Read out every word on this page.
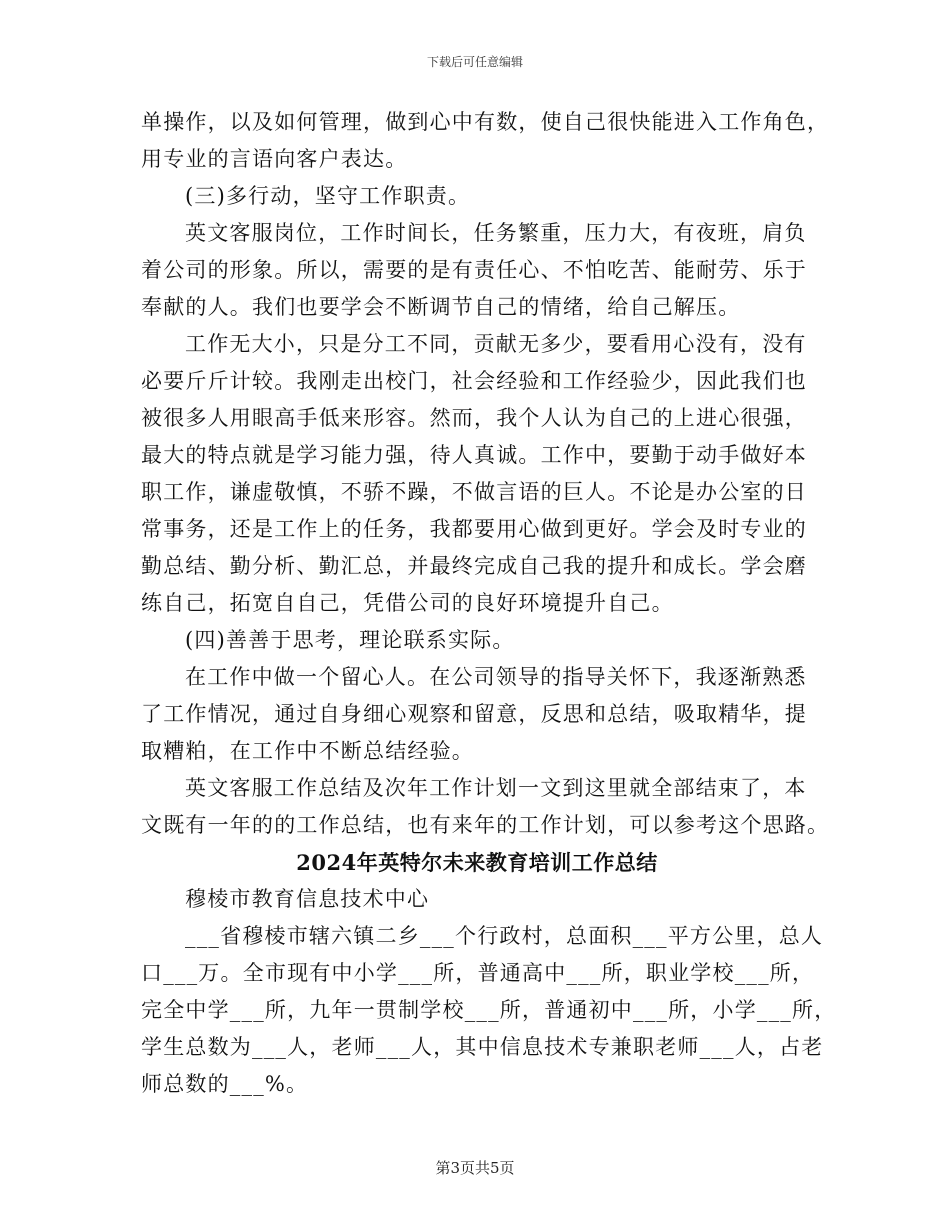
下载后可任意编辑
单操作，以及如何管理，做到心中有数，使自己很快能进入工作角色，
用专业的言语向客户表达。
(三)多行动，坚守工作职责。
英文客服岗位，工作时间长，任务繁重，压力大，有夜班，肩负
着公司的形象。所以，需要的是有责任心、不怕吃苦、能耐劳、乐于
奉献的人。我们也要学会不断调节自己的情绪，给自己解压。
工作无大小，只是分工不同，贡献无多少，要看用心没有，没有
必要斤斤计较。我刚走出校门，社会经验和工作经验少，因此我们也
被很多人用眼高手低来形容。然而，我个人认为自己的上进心很强，
最大的特点就是学习能力强，待人真诚。工作中，要勤于动手做好本
职工作，谦虚敬慎，不骄不躁，不做言语的巨人。不论是办公室的日
常事务，还是工作上的任务，我都要用心做到更好。学会及时专业的
勤总结、勤分析、勤汇总，并最终完成自己我的提升和成长。学会磨
练自己，拓宽自自己，凭借公司的良好环境提升自己。
(四)善善于思考，理论联系实际。
在工作中做一个留心人。在公司领导的指导关怀下，我逐渐熟悉
了工作情况，通过自身细心观察和留意，反思和总结，吸取精华，提
取糟粕，在工作中不断总结经验。
英文客服工作总结及次年工作计划一文到这里就全部结束了，本
文既有一年的的工作总结，也有来年的工作计划，可以参考这个思路。
2024年英特尔未来教育培训工作总结
穆棱市教育信息技术中心
___省穆棱市辖六镇二乡___个行政村，总面积___平方公里，总人
口___万。全市现有中小学___所，普通高中___所，职业学校___所，
完全中学___所，九年一贯制学校___所，普通初中___所，小学___所，
学生总数为___人，老师___人，其中信息技术专兼职老师___人，占老
师总数的___%。
第3页共5页
